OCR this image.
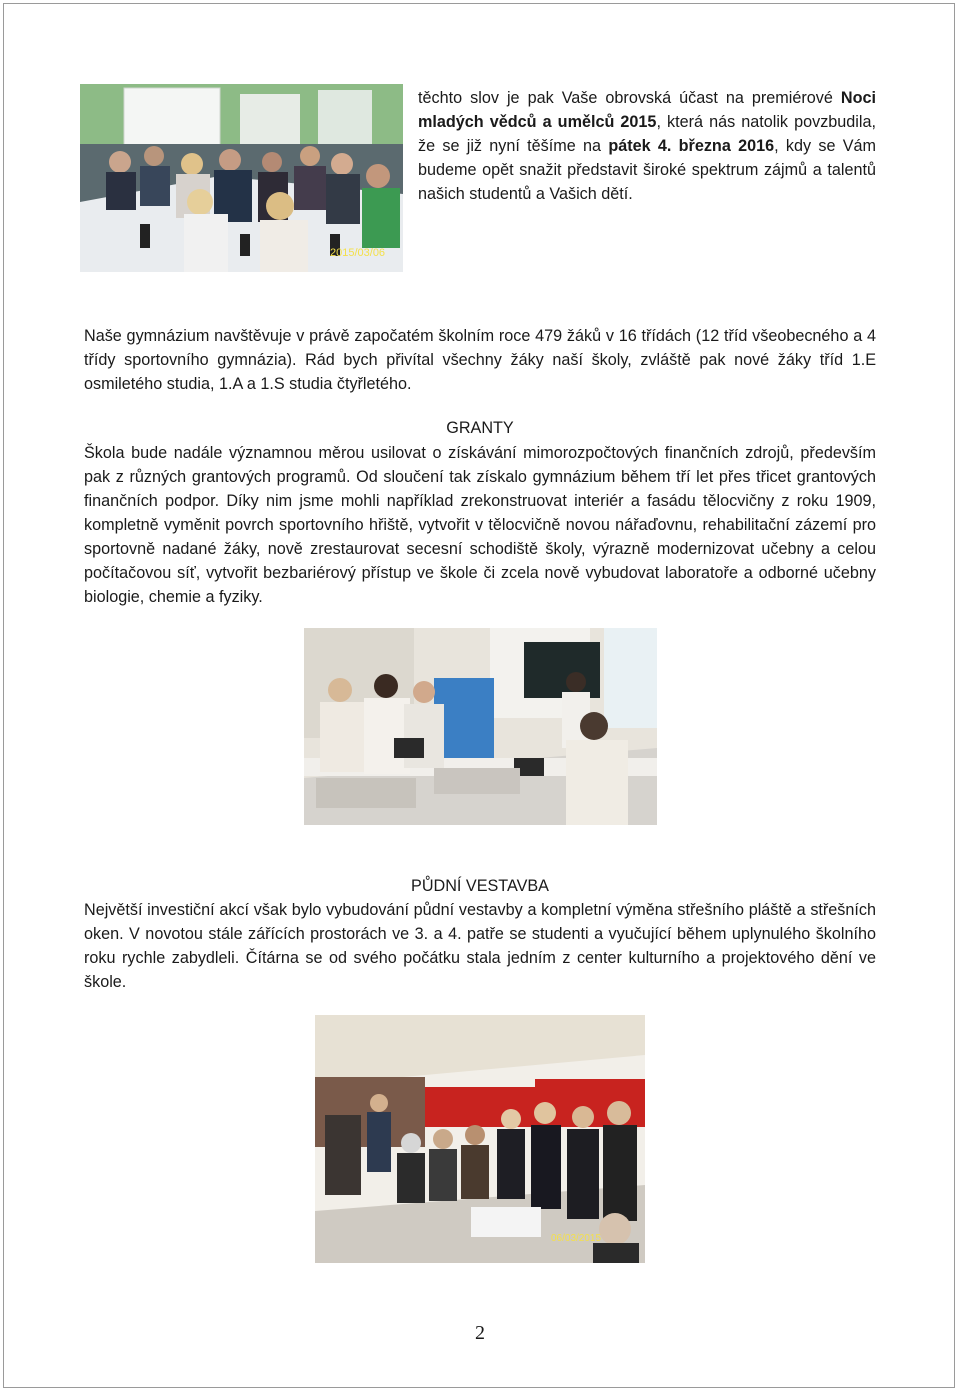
2015/03/06

těchto slov je pak Vaše obrovská účast na premiérové Noci mladých vědců a umělců 2015, která nás natolik povzbudila, že se již nyní těšíme na pátek 4. března 2016, kdy se Vám budeme opět snažit představit široké spektrum zájmů a talentů našich studentů a Vašich dětí.

Naše gymnázium navštěvuje v právě započatém školním roce 479 žáků v 16 třídách (12 tříd všeobecného a 4 třídy sportovního gymnázia). Rád bych přivítal všechny žáky naší školy, zvláště pak nové žáky tříd 1.E osmiletého studia, 1.A a 1.S studia čtyřletého.

GRANTY

Škola bude nadále významnou měrou usilovat o získávání mimorozpočtových finančních zdrojů, především pak z různých grantových programů. Od sloučení tak získalo gymnázium během tří let přes třicet grantových finančních podpor. Díky nim jsme mohli například zrekonstruovat interiér a fasádu tělocvičny z roku 1909, kompletně vyměnit povrch sportovního hřiště, vytvořit v tělocvičně novou nářaďovnu, rehabilitační zázemí pro sportovně nadané žáky, nově zrestaurovat secesní schodiště školy, výrazně modernizovat učebny a celou počítačovou síť, vytvořit bezbariérový přístup ve škole či zcela nově vybudovat laboratoře a odborné učebny biologie, chemie a fyziky.

PŮDNÍ VESTAVBA

Největší investiční akcí však bylo vybudování půdní vestavby a kompletní výměna střešního pláště a střešních oken. V novotou stále zářících prostorách ve 3. a 4. patře se studenti a vyučující během uplynulého školního roku rychle zabydleli. Čítárna se od svého počátku stala jedním z center kulturního a projektového dění ve škole.

06/03/2015
2
